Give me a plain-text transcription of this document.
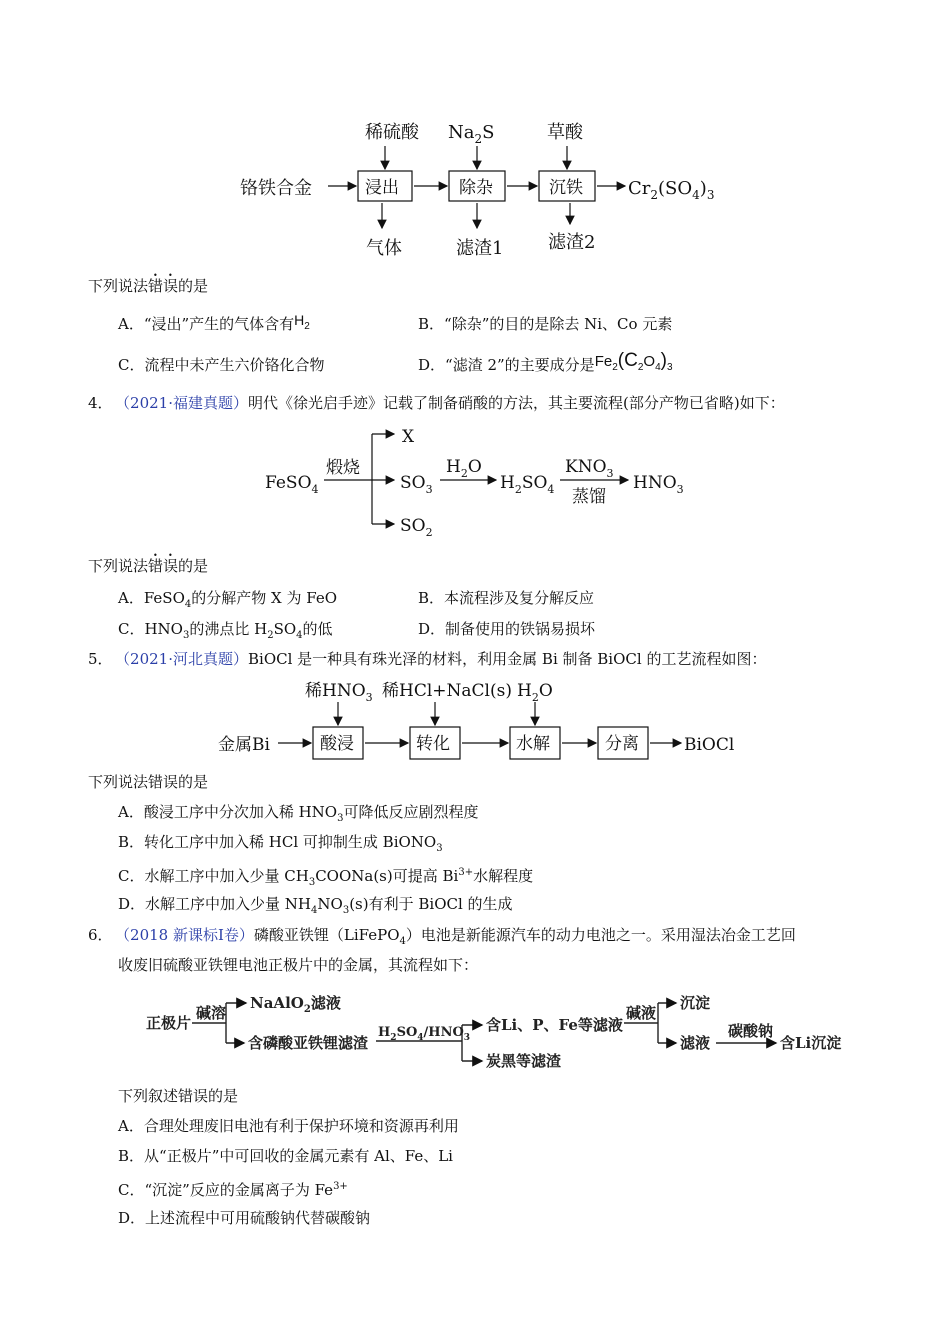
稀硫酸 $Na_2S$	草酸
铬铁合金	$Cr_2(SO_4)_3$
气体	滤渣1 滤渣2
浸出	除杂	沉铁
下列说法错误的是
A．“浸出”产生的气体含有$H_2$	B．“除杂”的目的是除去 Ni、Co 元素
C．流程中未产生六价铬化合物	D．“滤渣 2”的主要成分是$Fe_2(C_2O_4)_3$
4． （2021·福建真题）明代《徐光启手迹》记载了制备硝酸的方法，其主要流程(部分产物已省略)如下：
FeSO$_4$
煅烧
X
$SO_3$
$SO_2$
$H_2O$
$H_2SO_4$
$KNO_3$
蒸馏
$HNO_3$
下列说法错误的是
A．FeSO$_4$的分解产物 X 为 FeO	B．本流程涉及复分解反应
C．$HNO_3$的沸点比 $H_2SO_4$的低	D．制备使用的铁锅易损坏
5． （2021·河北真题）BiOCl 是一种具有珠光泽的材料，利用金属 Bi 制备 BiOCl 的工艺流程如图：
稀$HNO_3$ 稀HCl+NaCl(s) $H_2O$
金属Bi	BiOCl
酸浸	转化	水解	分离
下列说法错误的是
A．酸浸工序中分次加入稀 $HNO_3$可降低反应剧烈程度
B．转化工序中加入稀 HCl 可抑制生成 BiONO$_3$
C．水解工序中加入少量 $CH_3COONa(s)$可提高 $Bi^{3+}$水解程度
D．水解工序中加入少量 $NH_4NO_3(s)$有利于 BiOCl 的生成
6． （2018 新课标Ⅰ卷）磷酸亚铁锂（LiFePO$_4$）电池是新能源汽车的动力电池之一。采用湿法冶金工艺回
收废旧硫酸亚铁锂电池正极片中的金属，其流程如下：
正极片
碱溶
NaAlO$_2$滤液
含磷酸亚铁锂滤渣
$H_2SO_4/HNO_3$
含Li、P、Fe等滤液
炭黑等滤渣
碱液
沉淀
滤液
碳酸钠
含Li沉淀
下列叙述错误的是
A．合理处理废旧电池有利于保护环境和资源再利用
B．从“正极片”中可回收的金属元素有 Al、Fe、Li
C．“沉淀”反应的金属离子为 $Fe^{3+}$
D．上述流程中可用硫酸钠代替碳酸钠
